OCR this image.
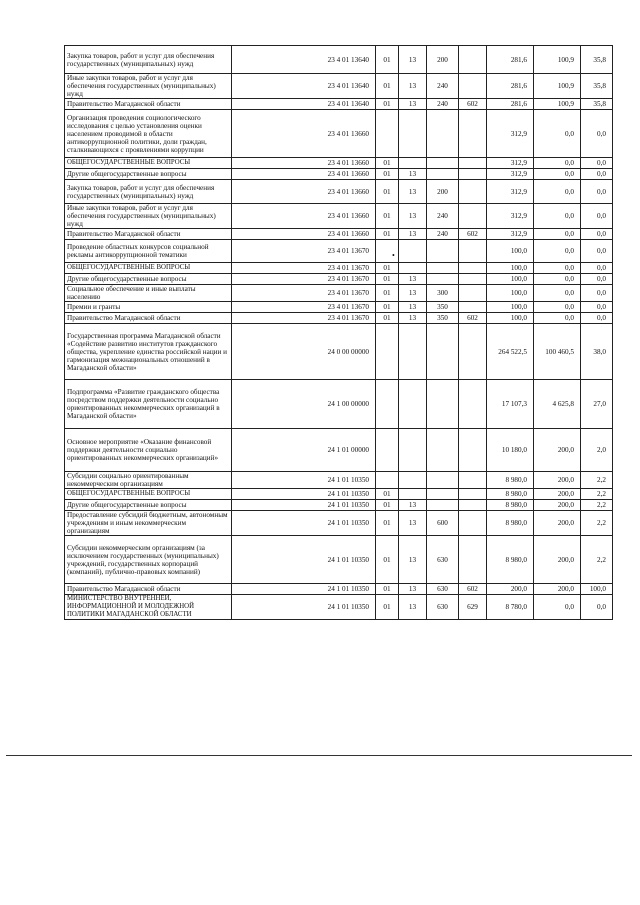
Закупка товаров, работ и услуг для обеспечения государственных (муниципальных) нужд	23 4 01 13640	01	13	200		281,6	100,9	35,8
Иные закупки товаров, работ и услуг для обеспечения государственных (муниципальных) нужд	23 4 01 13640	01	13	240		281,6	100,9	35,8
Правительство Магаданской области	23 4 01 13640	01	13	240	602	281,6	100,9	35,8
Организация проведения социологического исследования с целью установления оценки населением проводимой в области антикоррупционной политики, доли граждан, сталкивающихся с проявлениями коррупции	23 4 01 13660					312,9	0,0	0,0
ОБЩЕГОСУДАРСТВЕННЫЕ ВОПРОСЫ	23 4 01 13660	01				312,9	0,0	0,0
Другие общегосударственные вопросы	23 4 01 13660	01	13			312,9	0,0	0,0
Закупка товаров, работ и услуг для обеспечения государственных (муниципальных) нужд	23 4 01 13660	01	13	200		312,9	0,0	0,0
Иные закупки товаров, работ и услуг для обеспечения государственных (муниципальных) нужд	23 4 01 13660	01	13	240		312,9	0,0	0,0
Правительство Магаданской области	23 4 01 13660	01	13	240	602	312,9	0,0	0,0
Проведение областных конкурсов социальной рекламы антикоррупционной тематики	23 4 01 13670					100,0	0,0	0,0
ОБЩЕГОСУДАРСТВЕННЫЕ ВОПРОСЫ	23 4 01 13670	01				100,0	0,0	0,0
Другие общегосударственные вопросы	23 4 01 13670	01	13			100,0	0,0	0,0
Социальное обеспечение и иные выплаты населению	23 4 01 13670	01	13	300		100,0	0,0	0,0
Премии и гранты	23 4 01 13670	01	13	350		100,0	0,0	0,0
Правительство Магаданской области	23 4 01 13670	01	13	350	602	100,0	0,0	0,0
Государственная программа Магаданской области «Содействие развитию институтов гражданского общества, укрепление единства российской нации и гармонизация межнациональных отношений в Магаданской области»	24 0 00 00000					264 522,5	100 460,5	38,0
Подпрограмма «Развитие гражданского общества посредством поддержки деятельности социально ориентированных некоммерческих организаций в Магаданской области»	24 1 00 00000					17 107,3	4 625,8	27,0
Основное мероприятие «Оказание финансовой поддержки деятельности социально ориентированных некоммерческих организаций»	24 1 01 00000					10 180,0	200,0	2,0
Субсидии социально ориентированным некоммерческим организациям	24 1 01 10350					8 980,0	200,0	2,2
ОБЩЕГОСУДАРСТВЕННЫЕ ВОПРОСЫ	24 1 01 10350	01				8 980,0	200,0	2,2
Другие общегосударственные вопросы	24 1 01 10350	01	13			8 980,0	200,0	2,2
Предоставление субсидий бюджетным, автономным учреждениям и иным некоммерческим организациям	24 1 01 10350	01	13	600		8 980,0	200,0	2,2
Субсидии некоммерческим организациям (за исключением государственных (муниципальных) учреждений, государственных корпораций (компаний), публично-правовых компаний)	24 1 01 10350	01	13	630		8 980,0	200,0	2,2
Правительство Магаданской области	24 1 01 10350	01	13	630	602	200,0	200,0	100,0
МИНИСТЕРСТВО ВНУТРЕННЕЙ, ИНФОРМАЦИОННОЙ И МОЛОДЕЖНОЙ ПОЛИТИКИ МАГАДАНСКОЙ ОБЛАСТИ	24 1 01 10350	01	13	630	629	8 780,0	0,0	0,0
•
